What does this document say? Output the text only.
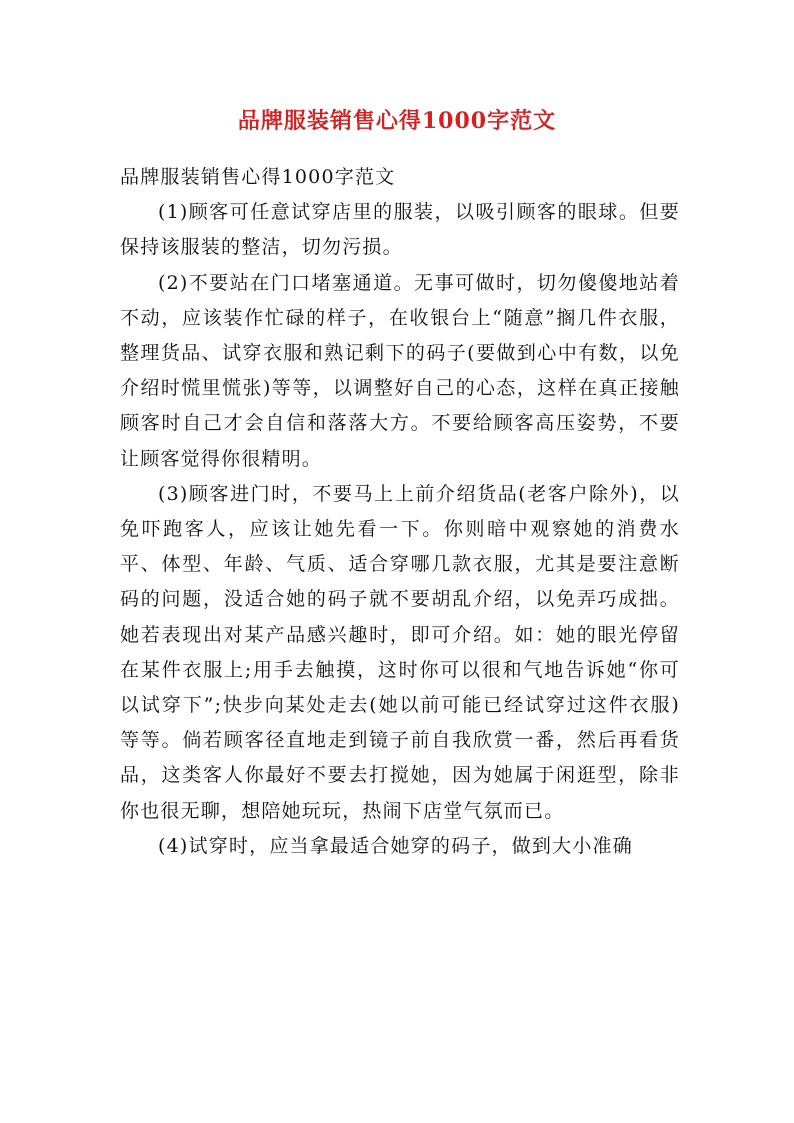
品牌服装销售心得1000字范文

品牌服装销售心得1000字范文

(1)顾客可任意试穿店里的服装，以吸引顾客的眼球。但要保持该服装的整洁，切勿污损。

(2)不要站在门口堵塞通道。无事可做时，切勿傻傻地站着不动，应该装作忙碌的样子，在收银台上“随意”搁几件衣服，整理货品、试穿衣服和熟记剩下的码子(要做到心中有数，以免介绍时慌里慌张)等等，以调整好自己的心态，这样在真正接触顾客时自己才会自信和落落大方。不要给顾客高压姿势，不要让顾客觉得你很精明。

(3)顾客进门时，不要马上上前介绍货品(老客户除外)，以免吓跑客人，应该让她先看一下。你则暗中观察她的消费水平、体型、年龄、气质、适合穿哪几款衣服，尤其是要注意断码的问题，没适合她的码子就不要胡乱介绍，以免弄巧成拙。她若表现出对某产品感兴趣时，即可介绍。如：她的眼光停留在某件衣服上;用手去触摸，这时你可以很和气地告诉她“你可以试穿下”;快步向某处走去(她以前可能已经试穿过这件衣服)等等。倘若顾客径直地走到镜子前自我欣赏一番，然后再看货品，这类客人你最好不要去打搅她，因为她属于闲逛型，除非你也很无聊，想陪她玩玩，热闹下店堂气氛而已。

(4)试穿时，应当拿最适合她穿的码子，做到大小准确
